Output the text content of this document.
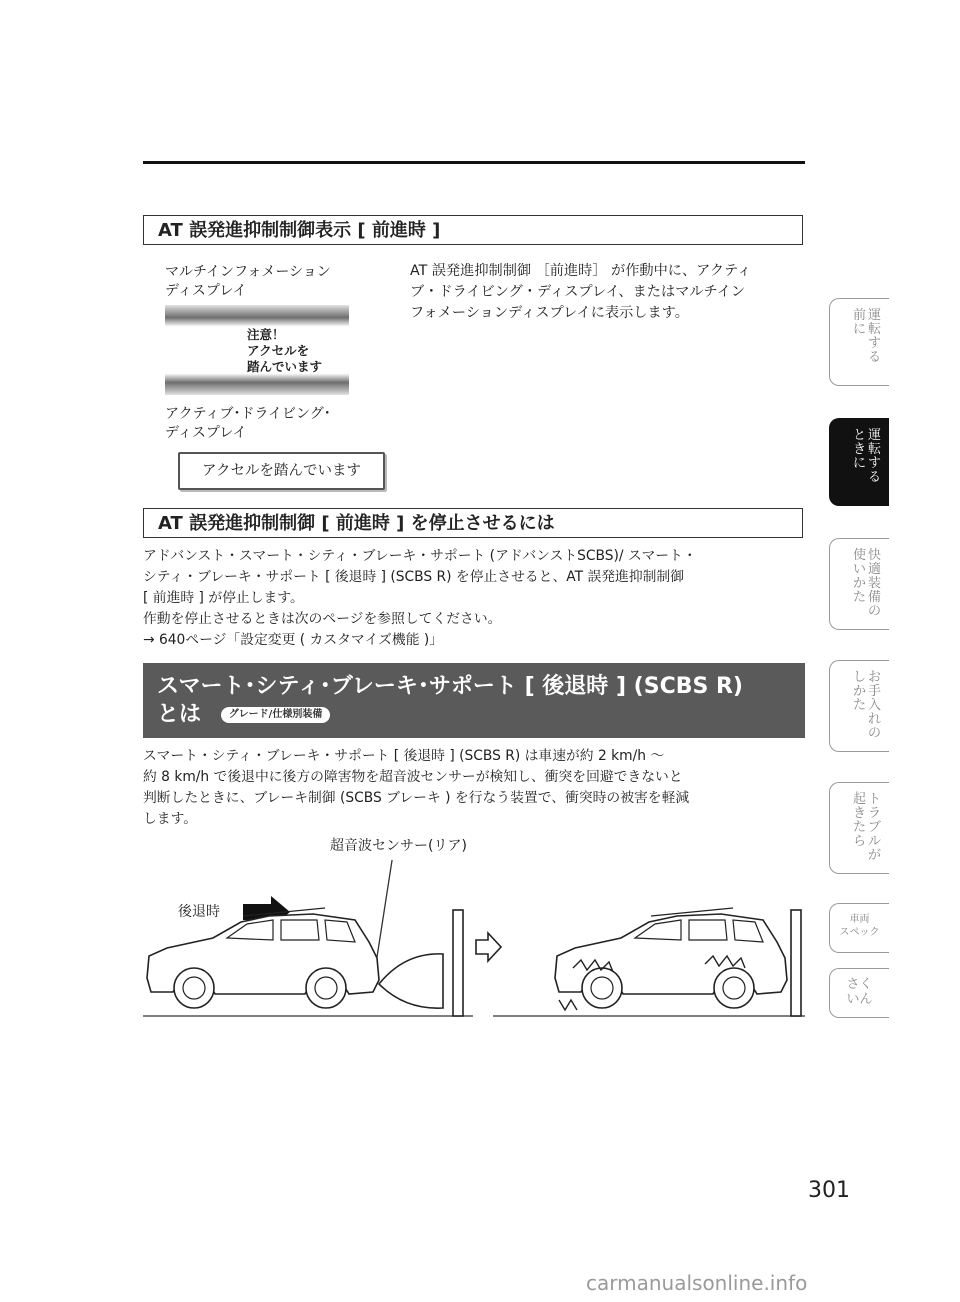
AT 誤発進抑制制御表示 [ 前進時 ]
マルチインフォメーション
ディスプレイ
注意！
アクセルを
踏んでいます
アクティブ･ドライビング･
ディスプレイ
アクセルを踏んでいます
AT 誤発進抑制制御 ［前進時］ が作動中に、アクティ
ブ・ドライビング・ディスプレイ、またはマルチイン
フォメーションディスプレイに表示します。
AT 誤発進抑制制御 [ 前進時 ] を停止させるには
アドバンスト・スマート・シティ・ブレーキ・サポート (アドバンストSCBS)/ スマート・
シティ・ブレーキ・サポート [ 後退時 ] (SCBS R) を停止させると、AT 誤発進抑制制御
[ 前進時 ] が停止します。
作動を停止させるときは次のページを参照してください。
→ 640ページ「設定変更 ( カスタマイズ機能 )」
スマート･シティ･ブレーキ･サポート [ 後退時 ] (SCBS R)
とは	グレード/仕様別装備
スマート・シティ・ブレーキ・サポート [ 後退時 ] (SCBS R) は車速が約 2 km/h ～
約 8 km/h で後退中に後方の障害物を超音波センサーが検知し、衝突を回避できないと
判断したときに、ブレーキ制御 (SCBS ブレーキ ) を行なう装置で、衝突時の被害を軽減
します。
超音波センサー(リア)
後退時
運
転
す
る
前
に
運
転
す
る
と
き
に
快
適
装
備
の
使
い
か
た
お
手
入
れ
の
し
か
た
ト
ラ
ブ
ル
が
起
き
た
ら
車両
スペック
さく
いん
301
carmanualsonline.info
